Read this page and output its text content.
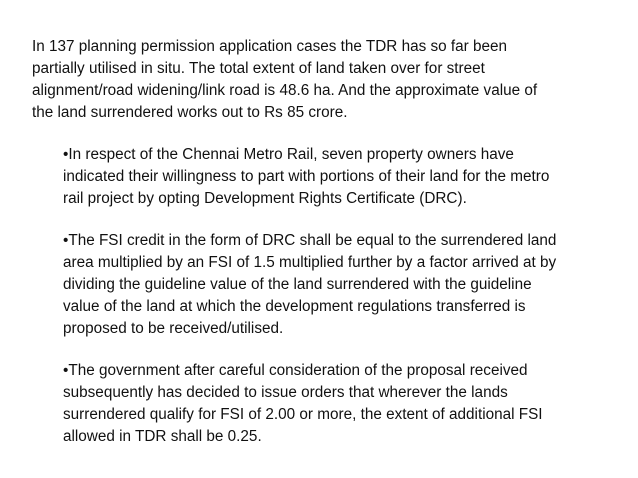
In 137 planning permission application cases the TDR has so far been
partially utilised in situ. The total extent of land taken over for street
alignment/road widening/link road is 48.6 ha. And the approximate value of
the land surrendered works out to Rs 85 crore.
•In respect of the Chennai Metro Rail, seven property owners have
indicated their willingness to part with portions of their land for the metro
rail project by opting Development Rights Certificate (DRC).
•The FSI credit in the form of DRC shall be equal to the surrendered land
area multiplied by an FSI of 1.5 multiplied further by a factor arrived at by
dividing the guideline value of the land surrendered with the guideline
value of the land at which the development regulations transferred is
proposed to be received/utilised.
•The government after careful consideration of the proposal received
subsequently has decided to issue orders that wherever the lands
surrendered qualify for FSI of 2.00 or more, the extent of additional FSI
allowed in TDR shall be 0.25.
